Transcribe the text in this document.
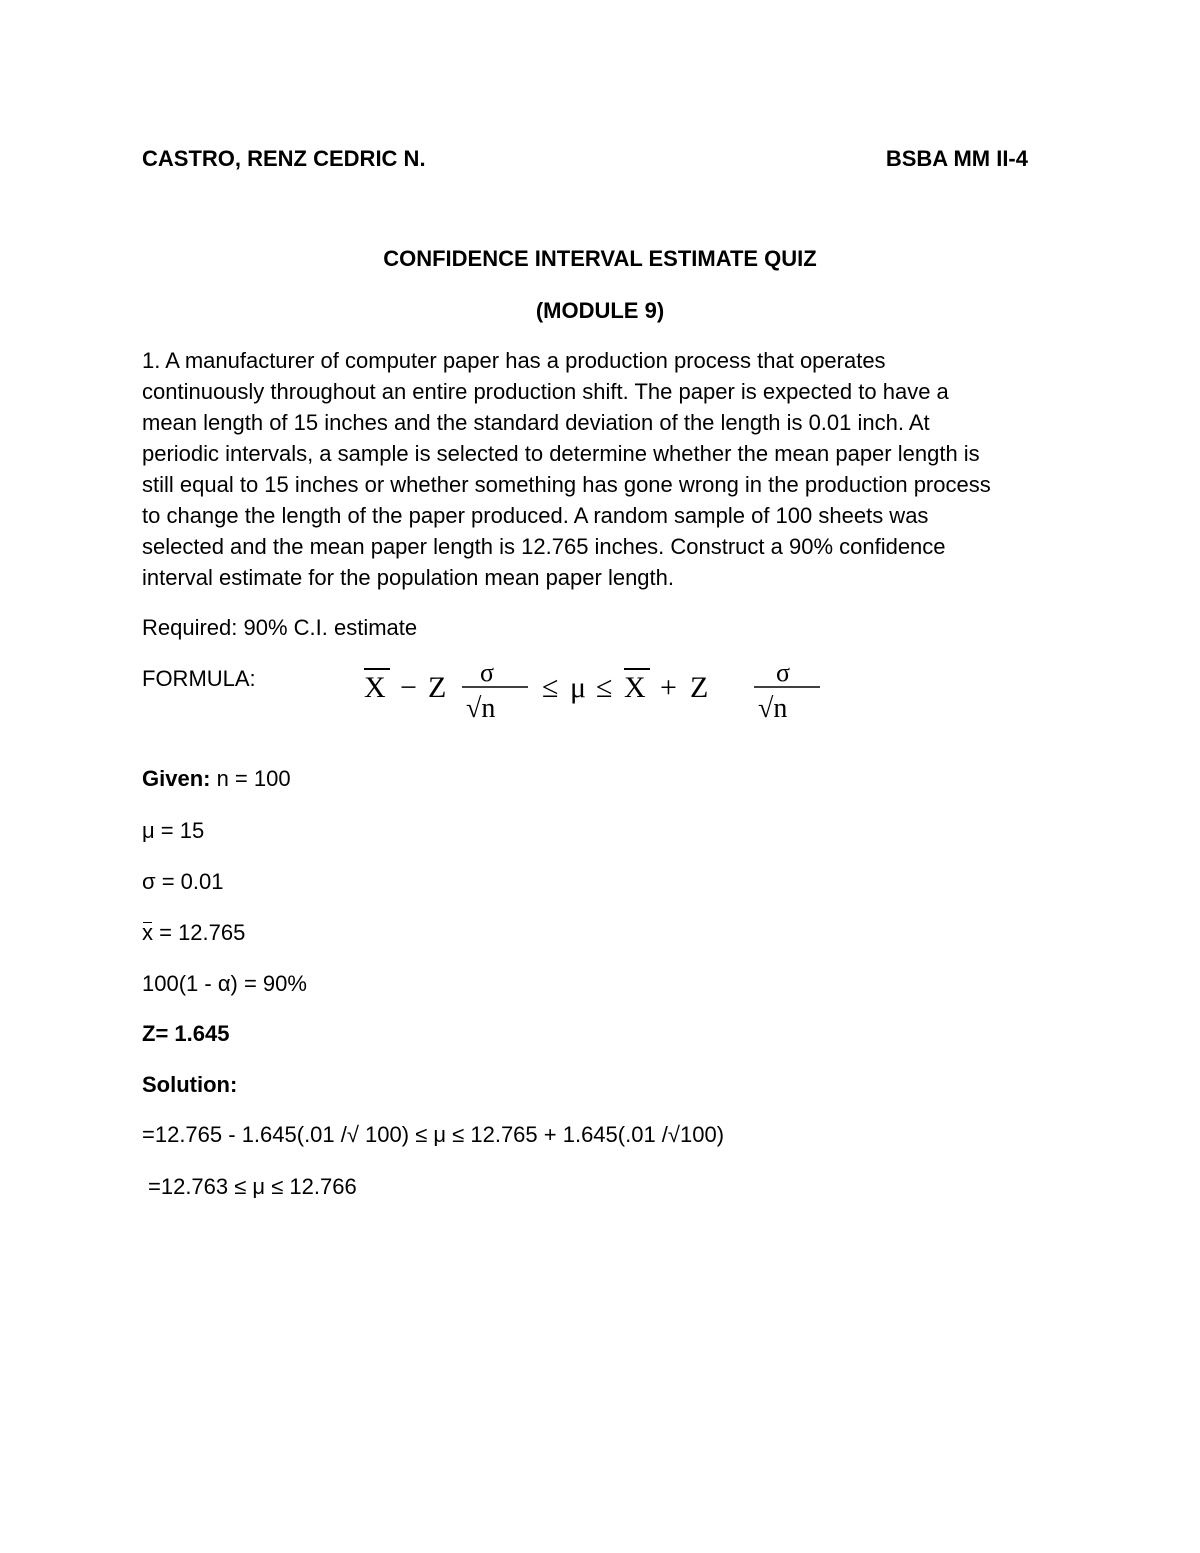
CASTRO, RENZ CEDRIC N.	BSBA MM II-4
CONFIDENCE INTERVAL ESTIMATE QUIZ
(MODULE 9)
1. A manufacturer of computer paper has a production process that operates
continuously throughout an entire production shift. The paper is expected to have a
mean length of 15 inches and the standard deviation of the length is 0.01 inch. At
periodic intervals, a sample is selected to determine whether the mean paper length is
still equal to 15 inches or whether something has gone wrong in the production process
to change the length of the paper produced. A random sample of 100 sheets was
selected and the mean paper length is 12.765 inches. Construct a 90% confidence
interval estimate for the population mean paper length.
Required: 90% C.I. estimate
FORMULA:	X − Z σ
√n
≤ μ ≤ X + Z	σ
√n
Given: n = 100
μ = 15
σ = 0.01
x = 12.765
100(1 - α) = 90%
Z= 1.645
Solution:
=12.765 - 1.645(.01 /√ 100) ≤ μ ≤ 12.765 + 1.645(.01 /√100)
=12.763 ≤ μ ≤ 12.766
